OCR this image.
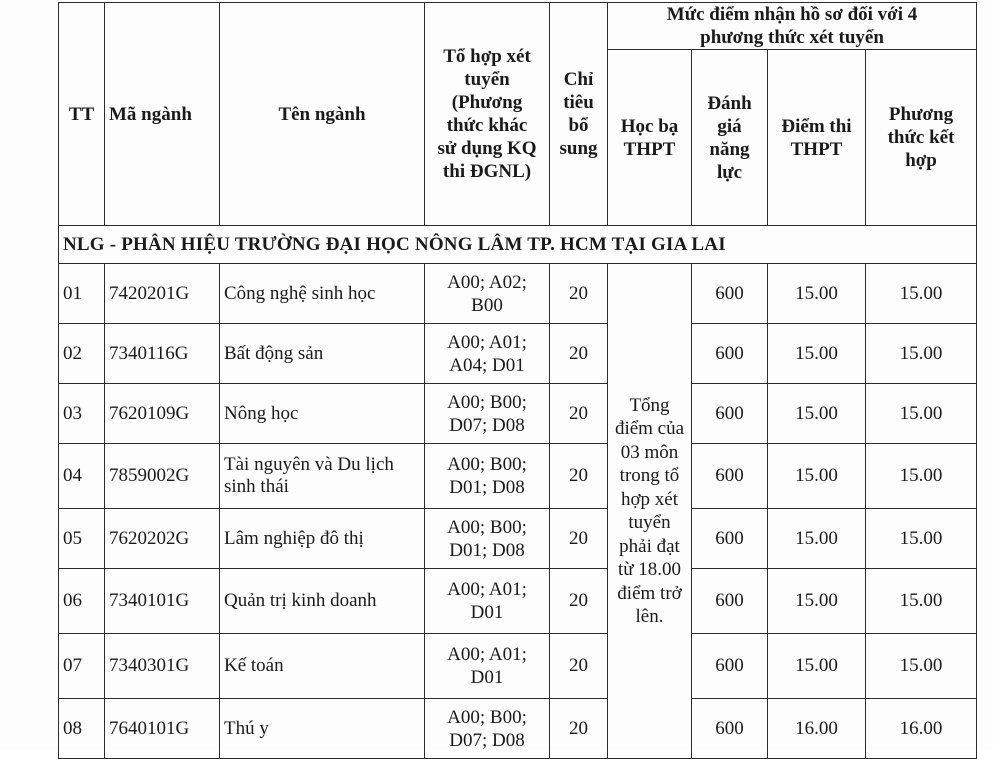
TT	Mã ngành	Tên ngành	Tổ hợp xét tuyển (Phương thức khác sử dụng KQ thi ĐGNL)	Chỉ tiêu bổ sung	Mức điểm nhận hồ sơ đối với 4 phương thức xét tuyển			
					Học bạ THPT	Đánh giá năng lực	Điểm thi THPT	Phương thức kết hợp
NLG - PHÂN HIỆU TRƯỜNG ĐẠI HỌC NÔNG LÂM TP. HCM TẠI GIA LAI								
01	7420201G	Công nghệ sinh học	A00; A02; B00	20	Tổng điểm của 03 môn trong tổ hợp xét tuyển phải đạt từ 18.00 điểm trở lên.	600	15.00	15.00
02	7340116G	Bất động sản	A00; A01; A04; D01	20		600	15.00	15.00
03	7620109G	Nông học	A00; B00; D07; D08	20		600	15.00	15.00
04	7859002G	Tài nguyên và Du lịch sinh thái	A00; B00; D01; D08	20		600	15.00	15.00
05	7620202G	Lâm nghiệp đô thị	A00; B00; D01; D08	20		600	15.00	15.00
06	7340101G	Quản trị kinh doanh	A00; A01; D01	20		600	15.00	15.00
07	7340301G	Kế toán	A00; A01; D01	20		600	15.00	15.00
08	7640101G	Thú y	A00; B00; D07; D08	20		600	16.00	16.00
